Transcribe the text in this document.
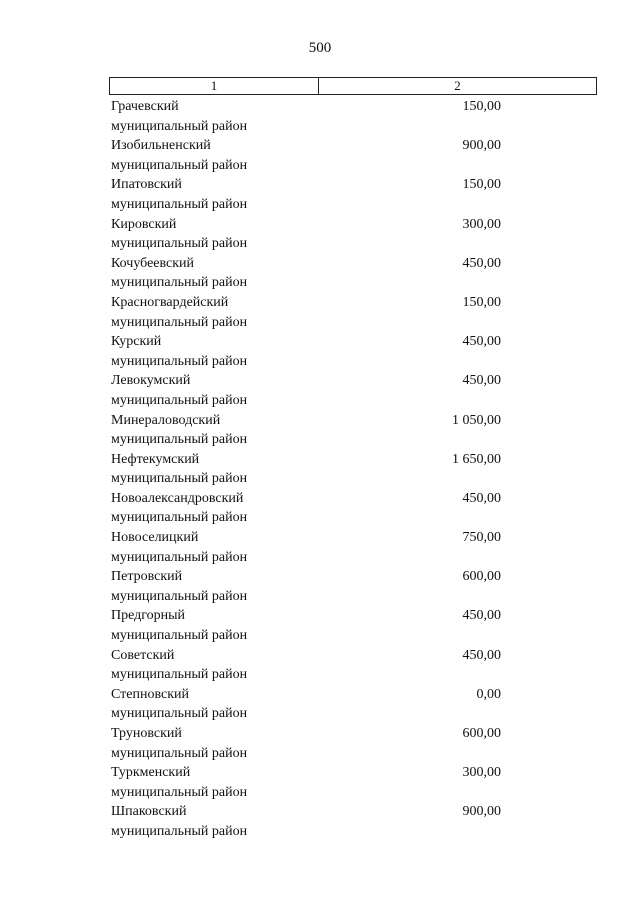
500
1	2
Грачевский
муниципальный район
150,00
Изобильненский
муниципальный район
900,00
Ипатовский
муниципальный район
150,00
Кировский
муниципальный район
300,00
Кочубеевский
муниципальный район
450,00
Красногвардейский
муниципальный район
150,00
Курский
муниципальный район
450,00
Левокумский
муниципальный район
450,00
Минераловодский
муниципальный район
1 050,00
Нефтекумский
муниципальный район
1 650,00
Новоалександровский
муниципальный район
450,00
Новоселицкий
муниципальный район
750,00
Петровский
муниципальный район
600,00
Предгорный
муниципальный район
450,00
Советский
муниципальный район
450,00
Степновский
муниципальный район
0,00
Труновский
муниципальный район
600,00
Туркменский
муниципальный район
300,00
Шпаковский
муниципальный район
900,00
